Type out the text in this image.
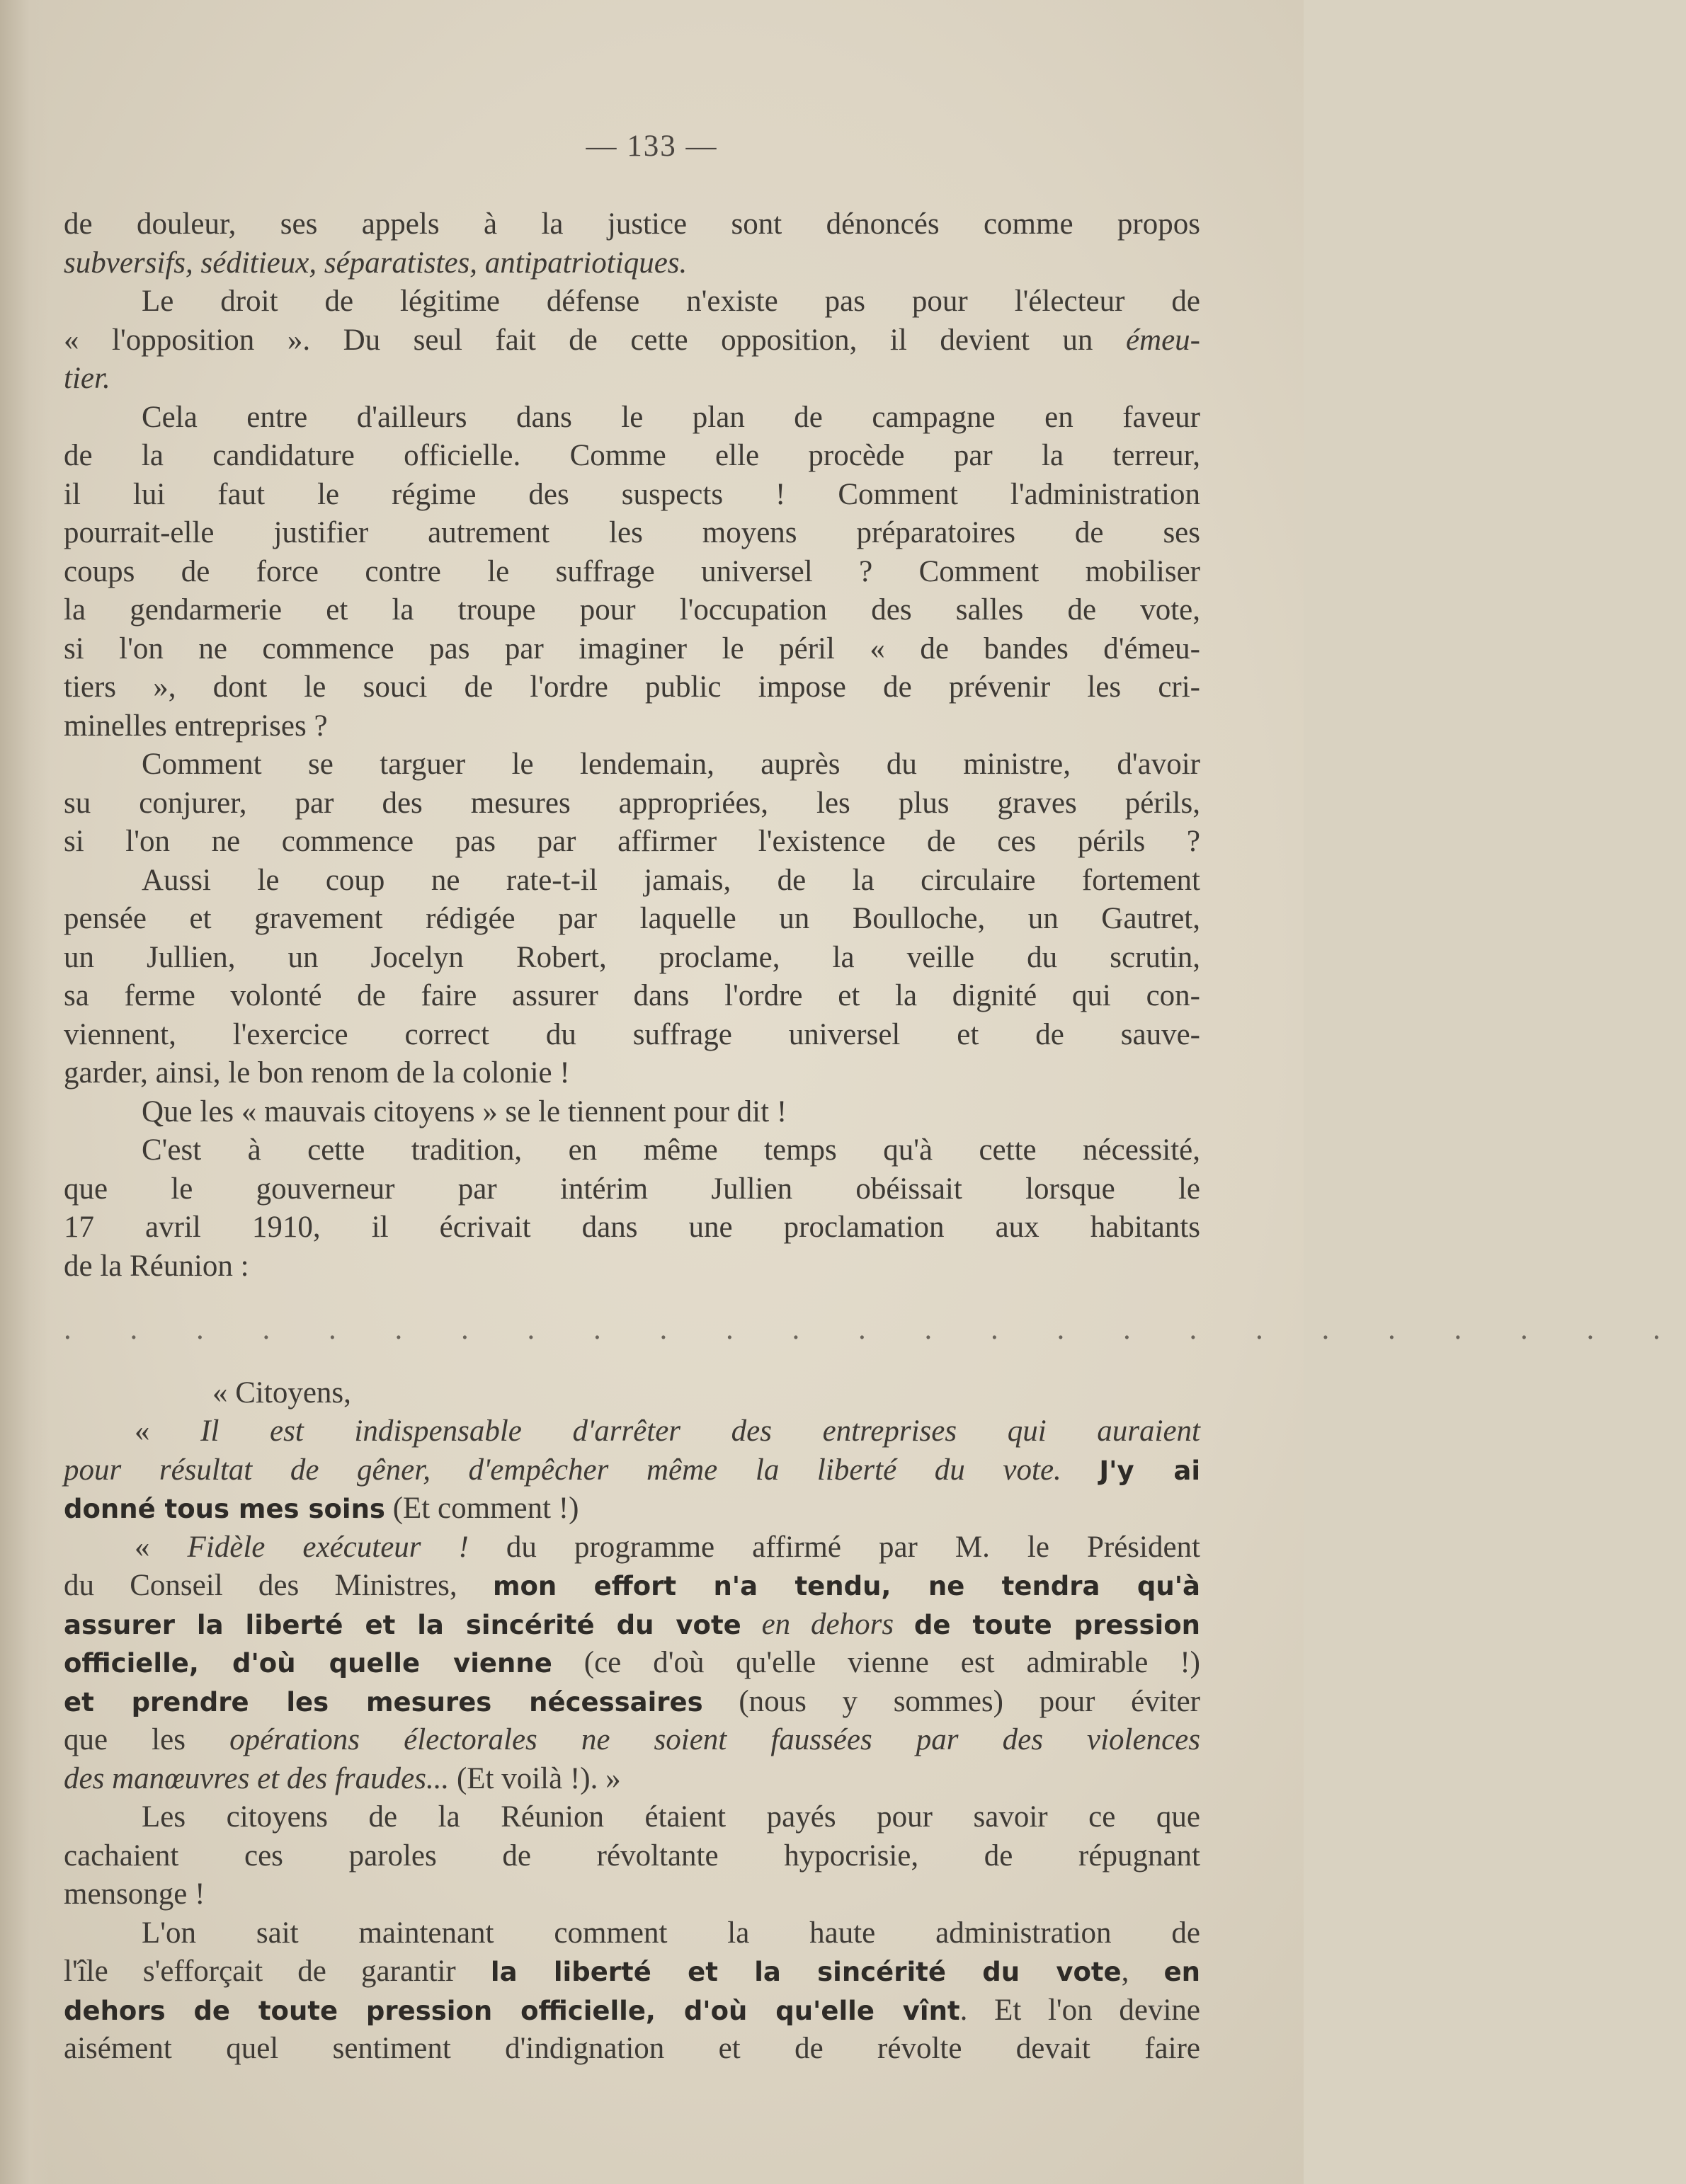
— 133 —
de douleur, ses appels à la justice sont dénoncés comme propos
subversifs, séditieux, séparatistes, antipatriotiques.
Le droit de légitime défense n'existe pas pour l'électeur de
« l'opposition ». Du seul fait de cette opposition, il devient un émeu-
tier.
Cela entre d'ailleurs dans le plan de campagne en faveur
de la candidature officielle. Comme elle procède par la terreur,
il lui faut le régime des suspects ! Comment l'administration
pourrait-elle justifier autrement les moyens préparatoires de ses
coups de force contre le suffrage universel ? Comment mobiliser
la gendarmerie et la troupe pour l'occupation des salles de vote,
si l'on ne commence pas par imaginer le péril « de bandes d'émeu-
tiers », dont le souci de l'ordre public impose de prévenir les cri-
minelles entreprises ?
Comment se targuer le lendemain, auprès du ministre, d'avoir
su conjurer, par des mesures appropriées, les plus graves périls,
si l'on ne commence pas par affirmer l'existence de ces périls ?
Aussi le coup ne rate-t-il jamais, de la circulaire fortement
pensée et gravement rédigée par laquelle un Boulloche, un Gautret,
un Jullien, un Jocelyn Robert, proclame, la veille du scrutin,
sa ferme volonté de faire assurer dans l'ordre et la dignité qui con-
viennent, l'exercice correct du suffrage universel et de sauve-
garder, ainsi, le bon renom de la colonie !
Que les « mauvais citoyens » se le tiennent pour dit !
C'est à cette tradition, en même temps qu'à cette nécessité,
que le gouverneur par intérim Jullien obéissait lorsque le
17 avril 1910, il écrivait dans une proclamation aux habitants
de la Réunion :
. . . . . . . . . . . . . . . . . . . . . . . . .
« Citoyens,
« Il est indispensable d'arrêter des entreprises qui auraient
pour résultat de gêner, d'empêcher même la liberté du vote. J'y ai
donné tous mes soins (Et comment !)
« Fidèle exécuteur ! du programme affirmé par M. le Président
du Conseil des Ministres, mon effort n'a tendu, ne tendra qu'à
assurer la liberté et la sincérité du vote en dehors de toute pression
officielle, d'où quelle vienne (ce d'où qu'elle vienne est admirable !)
et prendre les mesures nécessaires (nous y sommes) pour éviter
que les opérations électorales ne soient faussées par des violences
des manœuvres et des fraudes... (Et voilà !). »
Les citoyens de la Réunion étaient payés pour savoir ce que
cachaient ces paroles de révoltante hypocrisie, de répugnant
mensonge !
L'on sait maintenant comment la haute administration de
l'île s'efforçait de garantir la liberté et la sincérité du vote, en
dehors de toute pression officielle, d'où qu'elle vînt. Et l'on devine
aisément quel sentiment d'indignation et de révolte devait faire
